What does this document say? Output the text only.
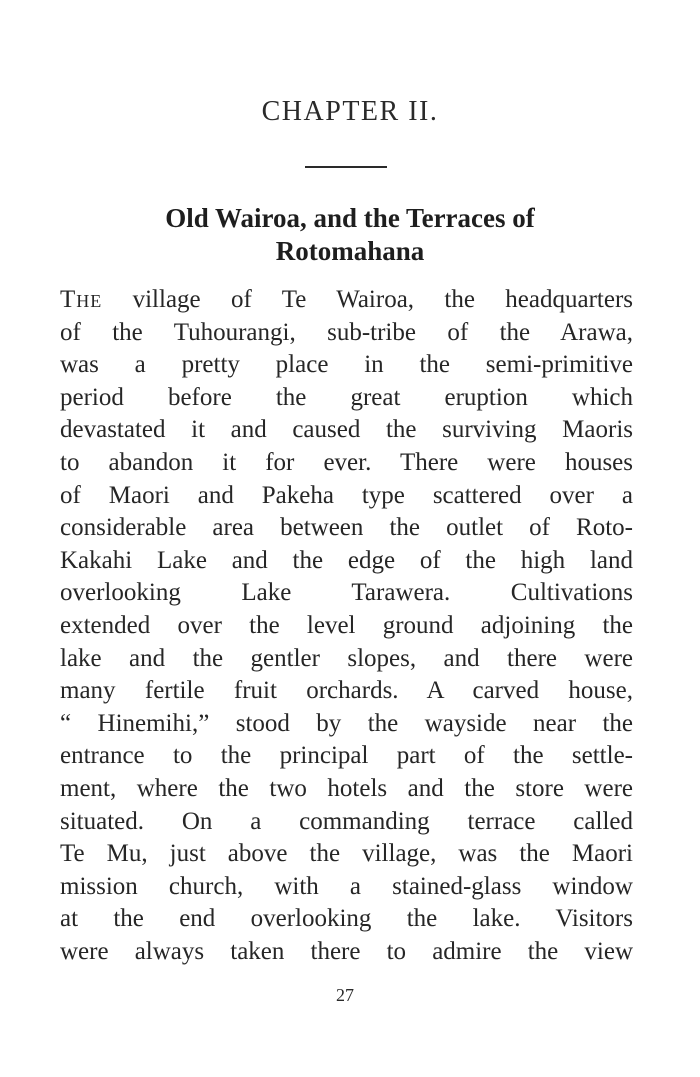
CHAPTER II.
Old Wairoa, and the Terraces of
Rotomahana
The village of Te Wairoa, the headquarters
of the Tuhourangi, sub-tribe of the Arawa,
was a pretty place in the semi-primitive
period before the great eruption which
devastated it and caused the surviving Maoris
to abandon it for ever. There were houses
of Maori and Pakeha type scattered over a
considerable area between the outlet of Roto-
Kakahi Lake and the edge of the high land
overlooking Lake Tarawera. Cultivations
extended over the level ground adjoining the
lake and the gentler slopes, and there were
many fertile fruit orchards. A carved house,
“ Hinemihi,” stood by the wayside near the
entrance to the principal part of the settle-
ment, where the two hotels and the store were
situated. On a commanding terrace called
Te Mu, just above the village, was the Maori
mission church, with a stained-glass window
at the end overlooking the lake. Visitors
were always taken there to admire the view
27
